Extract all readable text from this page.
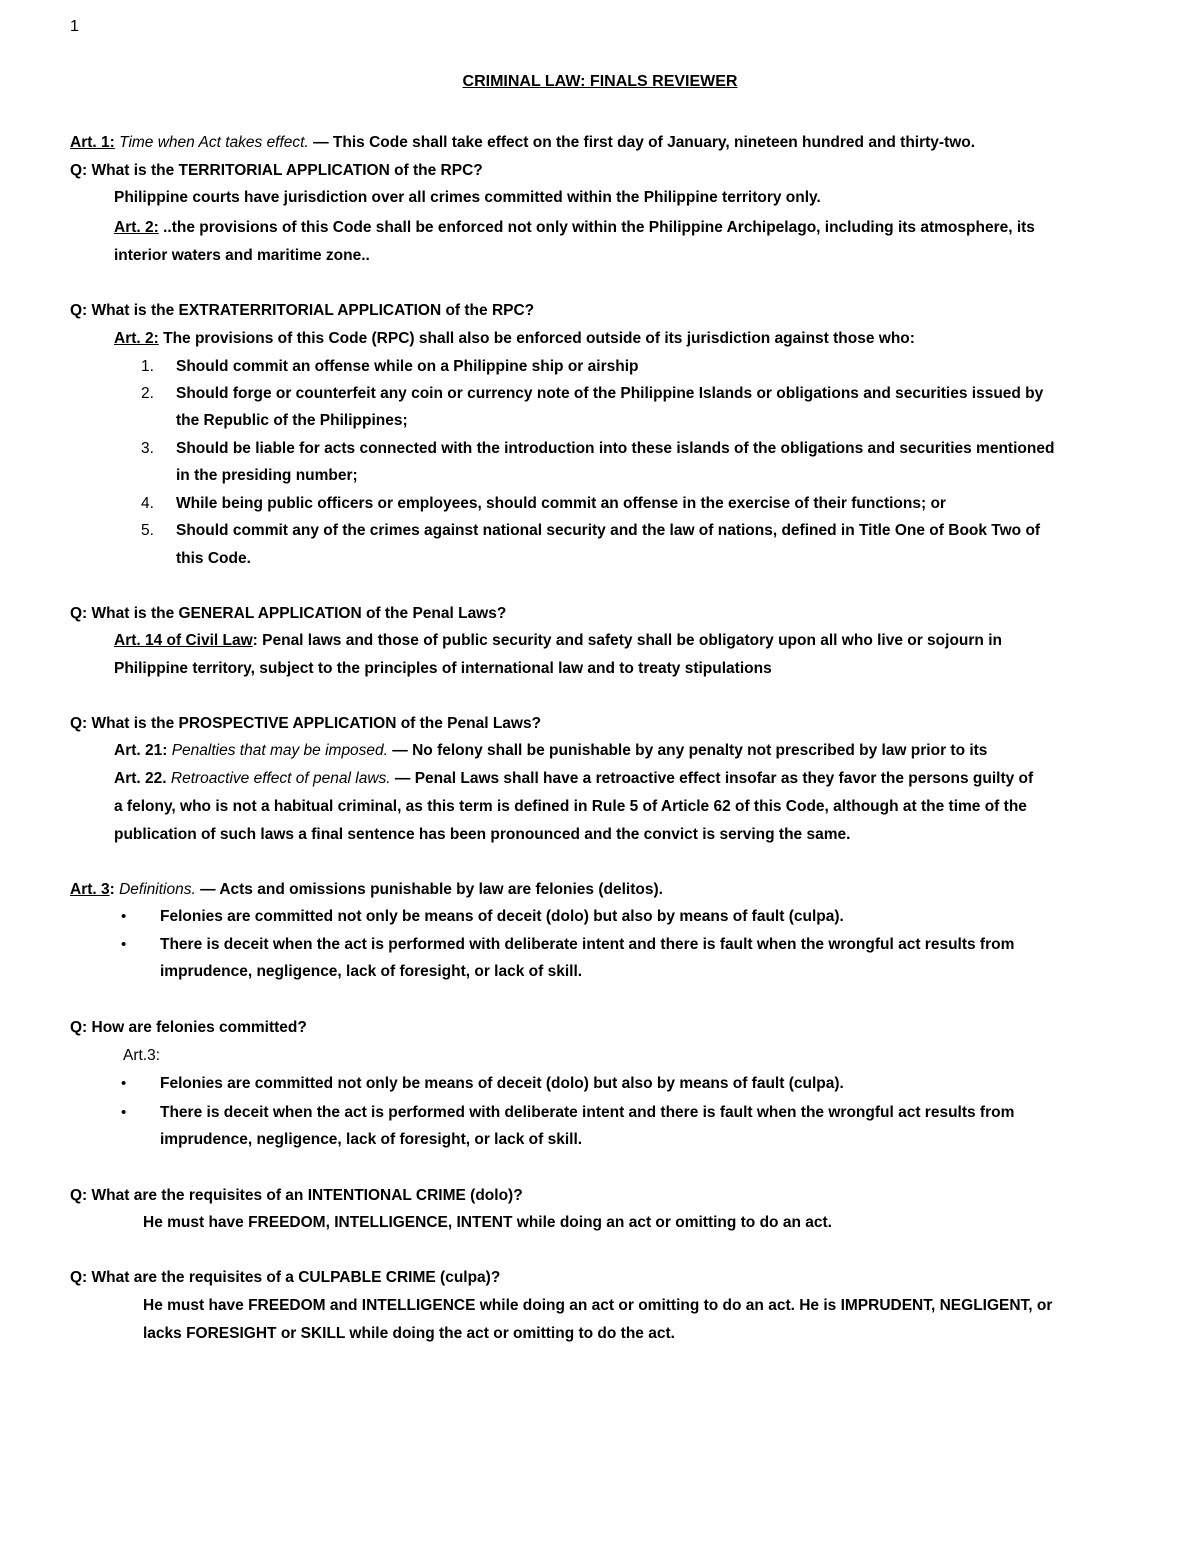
1
CRIMINAL LAW: FINALS REVIEWER
Art. 1: Time when Act takes effect. — This Code shall take effect on the first day of January, nineteen hundred and thirty-two.
Q: What is the TERRITORIAL APPLICATION of the RPC?
Philippine courts have jurisdiction over all crimes committed within the Philippine territory only.
Art. 2: ..the provisions of this Code shall be enforced not only within the Philippine Archipelago, including its atmosphere, its
interior waters and maritime zone..
Q: What is the EXTRATERRITORIAL APPLICATION of the RPC?
Art. 2: The provisions of this Code (RPC) shall also be enforced outside of its jurisdiction against those who:
1. Should commit an offense while on a Philippine ship or airship
2. Should forge or counterfeit any coin or currency note of the Philippine Islands or obligations and securities issued by
the Republic of the Philippines;
3. Should be liable for acts connected with the introduction into these islands of the obligations and securities mentioned
in the presiding number;
4. While being public officers or employees, should commit an offense in the exercise of their functions; or
5. Should commit any of the crimes against national security and the law of nations, defined in Title One of Book Two of
this Code.
Q: What is the GENERAL APPLICATION of the Penal Laws?
Art. 14 of Civil Law: Penal laws and those of public security and safety shall be obligatory upon all who live or sojourn in
Philippine territory, subject to the principles of international law and to treaty stipulations
Q: What is the PROSPECTIVE APPLICATION of the Penal Laws?
Art. 21: Penalties that may be imposed. — No felony shall be punishable by any penalty not prescribed by law prior to its
Art. 22. Retroactive effect of penal laws. — Penal Laws shall have a retroactive effect insofar as they favor the persons guilty of
a felony, who is not a habitual criminal, as this term is defined in Rule 5 of Article 62 of this Code, although at the time of the
publication of such laws a final sentence has been pronounced and the convict is serving the same.
Art. 3: Definitions. — Acts and omissions punishable by law are felonies (delitos).
• Felonies are committed not only be means of deceit (dolo) but also by means of fault (culpa).
• There is deceit when the act is performed with deliberate intent and there is fault when the wrongful act results from
imprudence, negligence, lack of foresight, or lack of skill.
Q: How are felonies committed?
Art.3:
• Felonies are committed not only be means of deceit (dolo) but also by means of fault (culpa).
• There is deceit when the act is performed with deliberate intent and there is fault when the wrongful act results from
imprudence, negligence, lack of foresight, or lack of skill.
Q: What are the requisites of an INTENTIONAL CRIME (dolo)?
He must have FREEDOM, INTELLIGENCE, INTENT while doing an act or omitting to do an act.
Q: What are the requisites of a CULPABLE CRIME (culpa)?
He must have FREEDOM and INTELLIGENCE while doing an act or omitting to do an act. He is IMPRUDENT, NEGLIGENT, or
lacks FORESIGHT or SKILL while doing the act or omitting to do the act.
